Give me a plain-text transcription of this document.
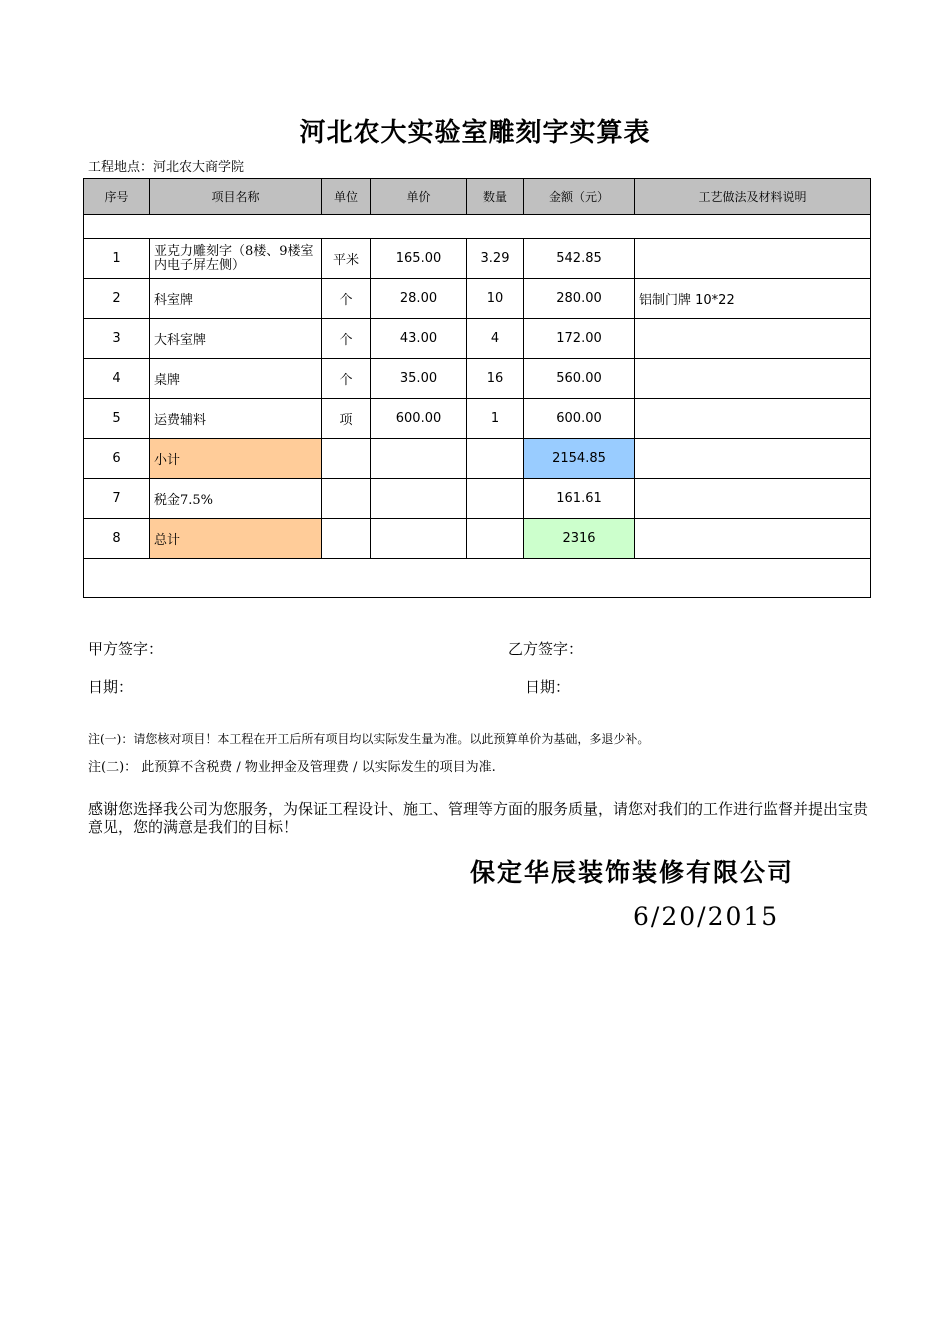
河北农大实验室雕刻字实算表
工程地点：河北农大商学院
序号	项目名称	单位	单价	数量	金额（元）	工艺做法及材料说明

1	亚克力雕刻字（8楼、9楼室内电子屏左侧）	平米	165.00	3.29	542.85	
2	科室牌	个	28.00	10	280.00	铝制门牌 10*22
3	大科室牌	个	43.00	4	172.00	
4	桌牌	个	35.00	16	560.00	
5	运费辅料	项	600.00	1	600.00	
6	小计				2154.85	
7	税金7.5%				161.61	
8	总计				2316	

甲方签字：	乙方签字：
日期：	日期：
注(一)：请您核对项目！本工程在开工后所有项目均以实际发生量为准。以此预算单价为基础，多退少补。
注(二)： 此预算不含税费 / 物业押金及管理费 / 以实际发生的项目为准.
感谢您选择我公司为您服务，为保证工程设计、施工、管理等方面的服务质量，请您对我们的工作进行监督并提出宝贵意见，您的满意是我们的目标！
保定华辰装饰装修有限公司
6/20/2015
